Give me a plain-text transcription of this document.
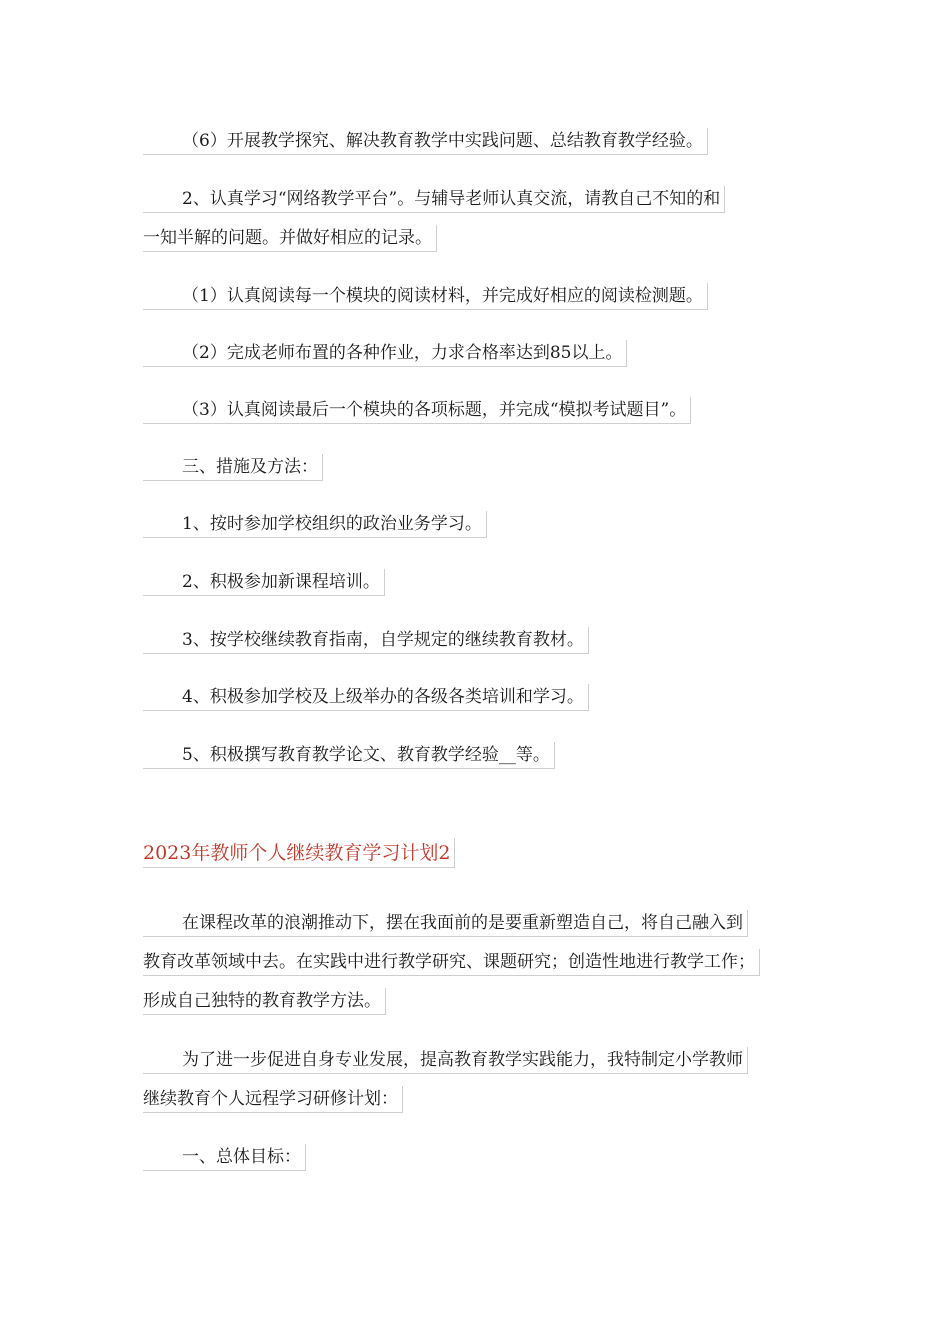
（6）开展教学探究、解决教育教学中实践问题、总结教育教学经验。
2、认真学习“网络教学平台”。与辅导老师认真交流，请教自己不知的和
一知半解的问题。并做好相应的记录。
（1）认真阅读每一个模块的阅读材料，并完成好相应的阅读检测题。
（2）完成老师布置的各种作业，力求合格率达到85以上。
（3）认真阅读最后一个模块的各项标题，并完成“模拟考试题目”。
三、措施及方法：
1、按时参加学校组织的政治业务学习。
2、积极参加新课程培训。
3、按学校继续教育指南，自学规定的继续教育教材。
4、积极参加学校及上级举办的各级各类培训和学习。
5、积极撰写教育教学论文、教育教学经验__等。
2023年教师个人继续教育学习计划2
在课程改革的浪潮推动下，摆在我面前的是要重新塑造自己，将自己融入到
教育改革领域中去。在实践中进行教学研究、课题研究；创造性地进行教学工作；
形成自己独特的教育教学方法。
为了进一步促进自身专业发展，提高教育教学实践能力，我特制定小学教师
继续教育个人远程学习研修计划：
一、总体目标：
